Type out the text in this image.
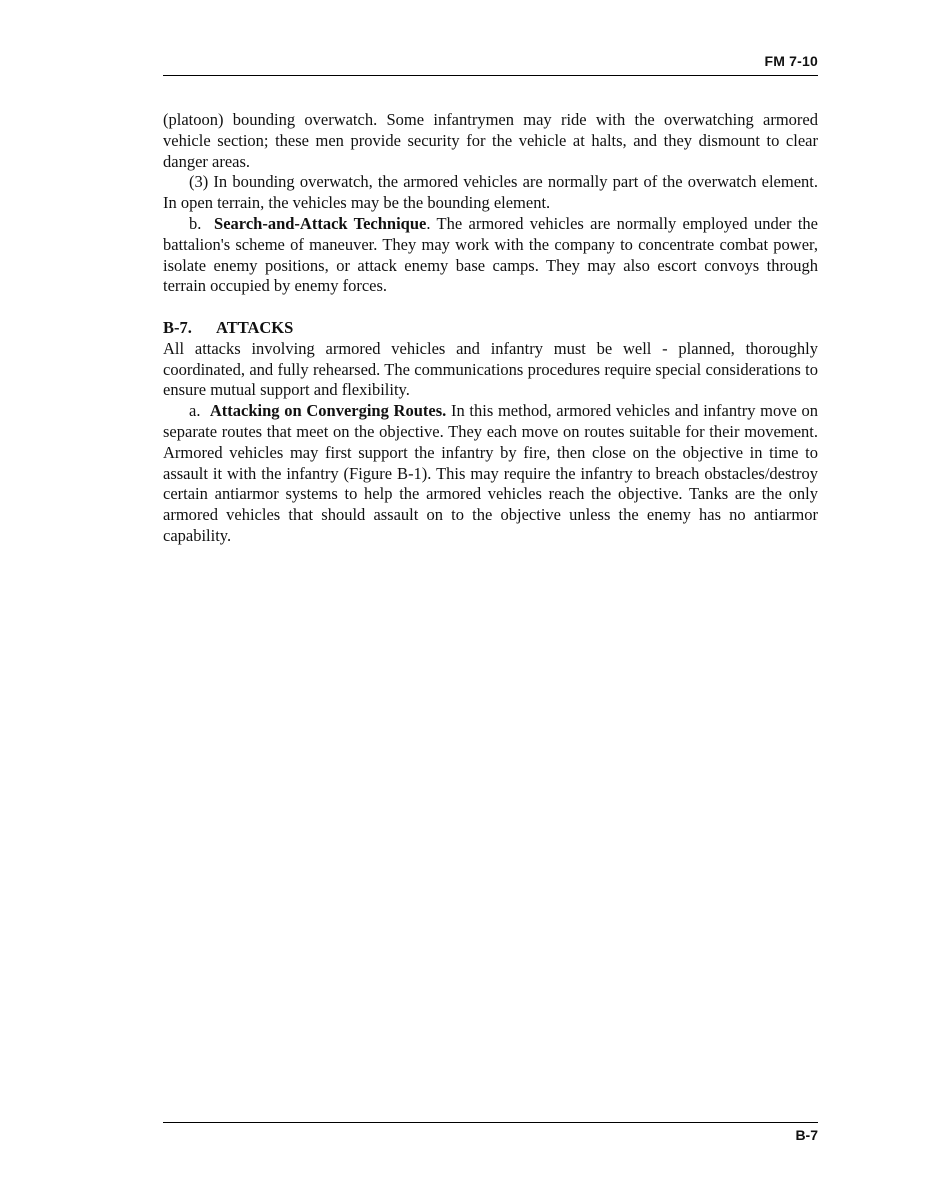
FM 7-10

(platoon) bounding overwatch. Some infantrymen may ride with the overwatching armored vehicle section; these men provide security for the vehicle at halts, and they dismount to clear danger areas.

(3) In bounding overwatch, the armored vehicles are normally part of the overwatch element. In open terrain, the vehicles may be the bounding element.

b. Search-and-Attack Technique. The armored vehicles are normally employed under the battalion's scheme of maneuver. They may work with the company to concentrate combat power, isolate enemy positions, or attack enemy base camps. They may also escort convoys through terrain occupied by enemy forces.

B-7. ATTACKS

All attacks involving armored vehicles and infantry must be well - planned, thoroughly coordinated, and fully rehearsed. The communications procedures require special considerations to ensure mutual support and flexibility.

a. Attacking on Converging Routes. In this method, armored vehicles and infantry move on separate routes that meet on the objective. They each move on routes suitable for their movement. Armored vehicles may first support the infantry by fire, then close on the objective in time to assault it with the infantry (Figure B-1). This may require the infantry to breach obstacles/destroy certain antiarmor systems to help the armored vehicles reach the objective. Tanks are the only armored vehicles that should assault on to the objective unless the enemy has no antiarmor capability.

B-7
